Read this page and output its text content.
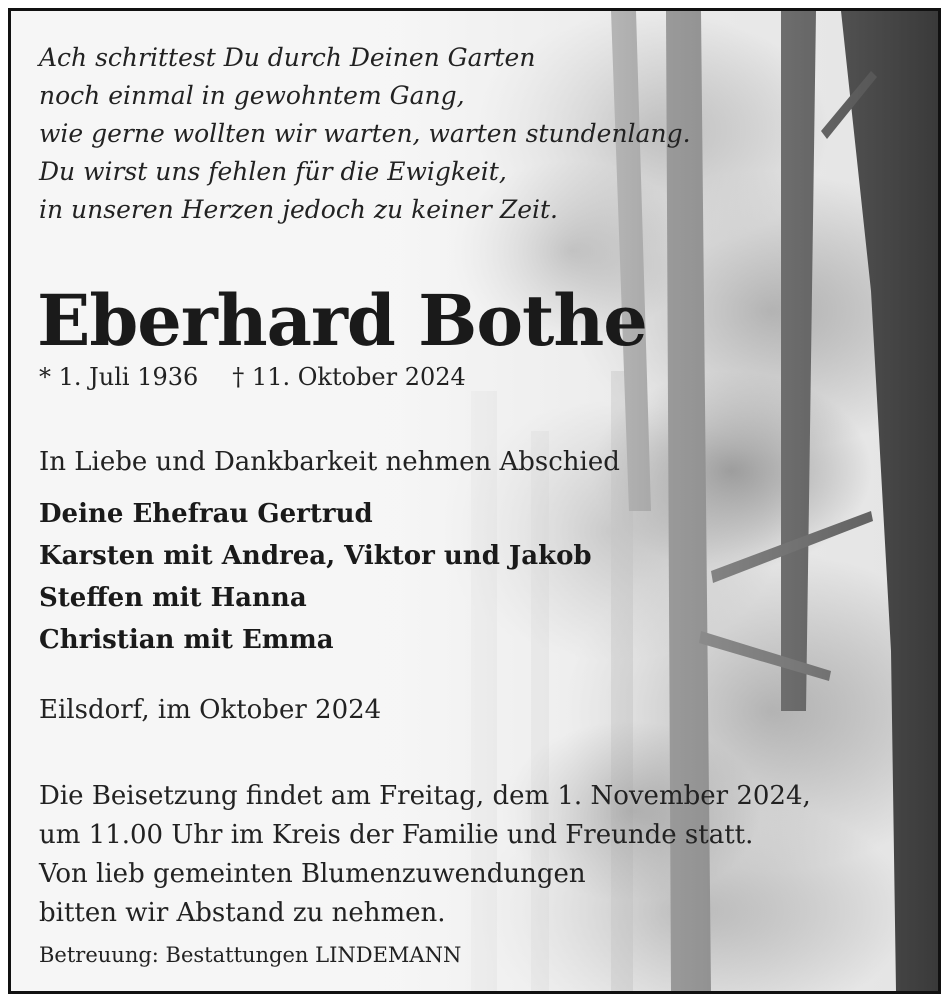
Ach schrittest Du durch Deinen Garten
noch einmal in gewohntem Gang,
wie gerne wollten wir warten, warten stundenlang.
Du wirst uns fehlen für die Ewigkeit,
in unseren Herzen jedoch zu keiner Zeit.
Eberhard Bothe
* 1. Juli 1936 † 11. Oktober 2024
In Liebe und Dankbarkeit nehmen Abschied
Deine Ehefrau Gertrud
Karsten mit Andrea, Viktor und Jakob
Steffen mit Hanna
Christian mit Emma
Eilsdorf, im Oktober 2024
Die Beisetzung findet am Freitag, dem 1. November 2024,
um 11.00 Uhr im Kreis der Familie und Freunde statt.
Von lieb gemeinten Blumenzuwendungen
bitten wir Abstand zu nehmen.
Betreuung: Bestattungen LINDEMANN
